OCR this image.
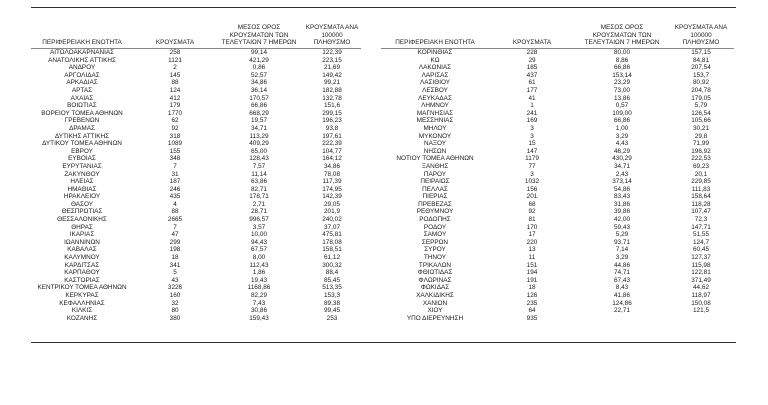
ΠΕΡΙΦΕΡΕΙΑΚΗ ΕΝΟΤΗΤΑ	ΚΡΟΥΣΜΑΤΑ
ΜΕΣΟΣ ΟΡΟΣ
ΚΡΟΥΣΜΑΤΩΝ ΤΩΝ
ΤΕΛΕΥΤΑΙΩΝ 7 ΗΜΕΡΩΝ
ΚΡΟΥΣΜΑΤΑ ΑΝΑ 100000
ΠΛΗΘΥΣΜΟ
ΑΙΤΩΛΟΑΚΑΡΝΑΝΙΑΣ	258	99,14	122,39
ΑΝΑΤΟΛΙΚΗΣ ΑΤΤΙΚΗΣ	1121	421,29	223,15
ΑΝΔΡΟΥ	2	0,86	21,69
ΑΡΓΟΛΙΔΑΣ	145	52,57	149,42
ΑΡΚΑΔΙΑΣ	88	34,86	99,21
ΑΡΤΑΣ	124	36,14	182,88
ΑΧΑΪΑΣ	412	170,57	132,78
ΒΟΙΩΤΙΑΣ	179	66,86	151,6
ΒΟΡΕΙΟΥ ΤΟΜΕΑ ΑΘΗΝΩΝ	1770	668,29	299,15
ΓΡΕΒΕΝΩΝ	62	19,57	196,23
ΔΡΑΜΑΣ	92	34,71	93,8
ΔΥΤΙΚΗΣ ΑΤΤΙΚΗΣ	318	113,29	197,61
ΔΥΤΙΚΟΥ ΤΟΜΕΑ ΑΘΗΝΩΝ	1089	409,29	222,39
ΕΒΡΟΥ	155	65,00	104,77
ΕΥΒΟΙΑΣ	348	128,43	164,12
ΕΥΡΥΤΑΝΙΑΣ	7	7,57	34,86
ΖΑΚΥΝΘΟΥ	31	11,14	78,08
ΗΛΕΙΑΣ	187	63,86	117,39
ΗΜΑΘΙΑΣ	246	82,71	174,95
ΗΡΑΚΛΕΙΟΥ	435	178,71	142,39
ΘΑΣΟΥ	4	2,71	29,05
ΘΕΣΠΡΩΤΙΑΣ	88	28,71	201,9
ΘΕΣΣΑΛΟΝΙΚΗΣ	2665	996,57	240,02
ΘΗΡΑΣ	7	3,57	37,07
ΙΚΑΡΙΑΣ	47	10,00	475,81
ΙΩΑΝΝΙΝΩΝ	299	94,43	178,08
ΚΑΒΑΛΑΣ	198	67,57	158,51
ΚΑΛΥΜΝΟΥ	18	8,00	61,12
ΚΑΡΔΙΤΣΑΣ	341	112,43	300,32
ΚΑΡΠΑΘΟΥ	5	1,86	88,4
ΚΑΣΤΟΡΙΑΣ	43	19,43	85,45
ΚΕΝΤΡΙΚΟΥ ΤΟΜΕΑ ΑΘΗΝΩΝ	3226	1168,86	513,35
ΚΕΡΚΥΡΑΣ	160	82,29	153,3
ΚΕΦΑΛΛΗΝΙΑΣ	32	7,43	89,38
ΚΙΛΚΙΣ	80	30,86	99,45
ΚΟΖΑΝΗΣ	380	159,43	253
ΠΕΡΙΦΕΡΕΙΑΚΗ ΕΝΟΤΗΤΑ	ΚΡΟΥΣΜΑΤΑ
ΜΕΣΟΣ ΟΡΟΣ
ΚΡΟΥΣΜΑΤΩΝ ΤΩΝ
ΤΕΛΕΥΤΑΙΩΝ 7 ΗΜΕΡΩΝ
ΚΡΟΥΣΜΑΤΑ ΑΝΑ 100000
ΠΛΗΘΥΣΜΟ
ΚΟΡΙΝΘΙΑΣ	228	80,00	157,15
ΚΩ	29	8,86	84,81
ΛΑΚΩΝΙΑΣ	185	66,86	207,54
ΛΑΡΙΣΑΣ	437	153,14	153,7
ΛΑΣΙΘΙΟΥ	61	23,29	80,92
ΛΕΣΒΟΥ	177	73,00	204,78
ΛΕΥΚΑΔΑΣ	41	13,86	179,05
ΛΗΜΝΟΥ	1	0,57	5,79
ΜΑΓΝΗΣΙΑΣ	241	109,00	126,54
ΜΕΣΣΗΝΙΑΣ	169	66,86	105,66
ΜΗΛΟΥ	3	1,00	30,21
ΜΥΚΟΝΟΥ	3	3,29	29,8
ΝΑΞΟΥ	15	4,43	71,99
ΝΗΣΩΝ	147	46,29	196,92
ΝΟΤΙΟΥ ΤΟΜΕΑ ΑΘΗΝΩΝ	1179	430,29	222,53
ΞΑΝΘΗΣ	77	34,71	69,23
ΠΑΡΟΥ	3	2,43	20,1
ΠΕΙΡΑΙΩΣ	1032	373,14	229,85
ΠΕΛΛΑΣ	156	54,86	111,83
ΠΙΕΡΙΑΣ	201	83,43	158,64
ΠΡΕΒΕΖΑΣ	68	31,86	118,28
ΡΕΘΥΜΝΟΥ	92	39,86	107,47
ΡΟΔΟΠΗΣ	81	42,00	72,3
ΡΟΔΟΥ	170	59,43	147,71
ΣΑΜΟΥ	17	5,29	51,55
ΣΕΡΡΩΝ	220	93,71	124,7
ΣΥΡΟΥ	13	7,14	60,45
ΤΗΝΟΥ	11	3,29	127,37
ΤΡΙΚΑΛΩΝ	151	44,86	115,98
ΦΘΙΩΤΙΔΑΣ	194	74,71	122,81
ΦΛΩΡΙΝΑΣ	191	67,43	371,49
ΦΩΚΙΔΑΣ	18	8,43	44,62
ΧΑΛΚΙΔΙΚΗΣ	126	41,86	118,97
ΧΑΝΙΩΝ	235	124,86	150,08
ΧΙΟΥ	64	22,71	121,5
ΥΠΟ ΔΙΕΡΕΥΝΗΣΗ	935
